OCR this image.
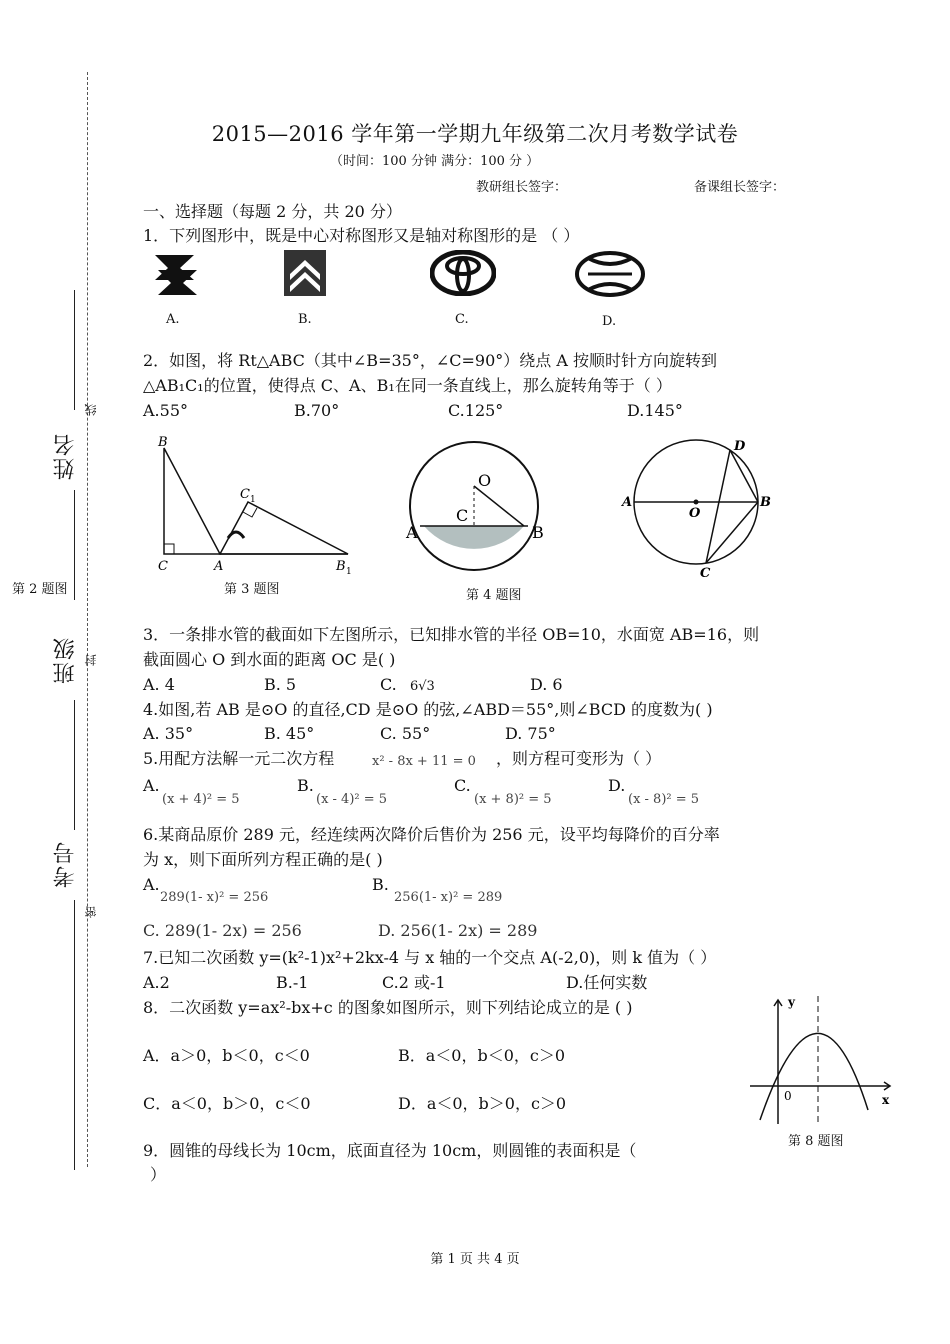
姓名
班级
考号
线
封
密
2015—2016 学年第一学期九年级第二次月考数学试卷
（时间：100 分钟 满分：100 分 ）
教研组长签字：	备课组长签字：
一、选择题（每题 2 分，共 20 分）
1．下列图形中，既是中心对称图形又是轴对称图形的是 （ ）
A.	B.	C.	D.
2．如图，将 Rt△ABC（其中∠B=35°，∠C=90°）绕点 A 按顺时针方向旋转到
△AB₁C₁的位置，使得点 C、A、B₁在同一条直线上，那么旋转角等于（ ）
A.55°	B.70°	C.125°	D.145°
B
C	A
C 1
B 1
第 2 题图	第 3 题图
O
C
A	B
第 4 题图
D
A
O
B
C
3．一条排水管的截面如下左图所示，已知排水管的半径 OB=10，水面宽 AB=16，则
截面圆心 O 到水面的距离 OC 是( )
A. 4	B. 5	C. 6√3	D. 6
4.如图,若 AB 是⊙O 的直径,CD 是⊙O 的弦,∠ABD＝55°,则∠BCD 的度数为( )
A. 35°	B. 45°	C. 55°	D. 75°
5.用配方法解一元二次方程	x² - 8x + 11 = 0 ，则方程可变形为（ ）
A.
(x + 4)² = 5
B.
(x - 4)² = 5
C.
(x + 8)² = 5
D.
(x - 8)² = 5
6.某商品原价 289 元，经连续两次降价后售价为 256 元，设平均每降价的百分率
为 x，则下面所列方程正确的是( )
A.
289(1- x)² = 256
B.
256(1- x)² = 289
C. 289(1- 2x) = 256	D. 256(1- 2x) = 289
7.已知二次函数 y=(k²-1)x²+2kx-4 与 x 轴的一个交点 A(-2,0)，则 k 值为（ ）
A.2	B.-1	C.2 或-1	D.任何实数
8．二次函数 y=ax²-bx+c 的图象如图所示，则下列结论成立的是 ( )
A．a＞0，b＜0，c＜0	B．a＜0，b＜0，c＞0
C．a＜0，b＞0，c＜0	D．a＜0，b＞0，c＞0
y
0	x
第 8 题图
9．圆锥的母线长为 10cm，底面直径为 10cm，则圆锥的表面积是（
）
第 1 页 共 4 页
